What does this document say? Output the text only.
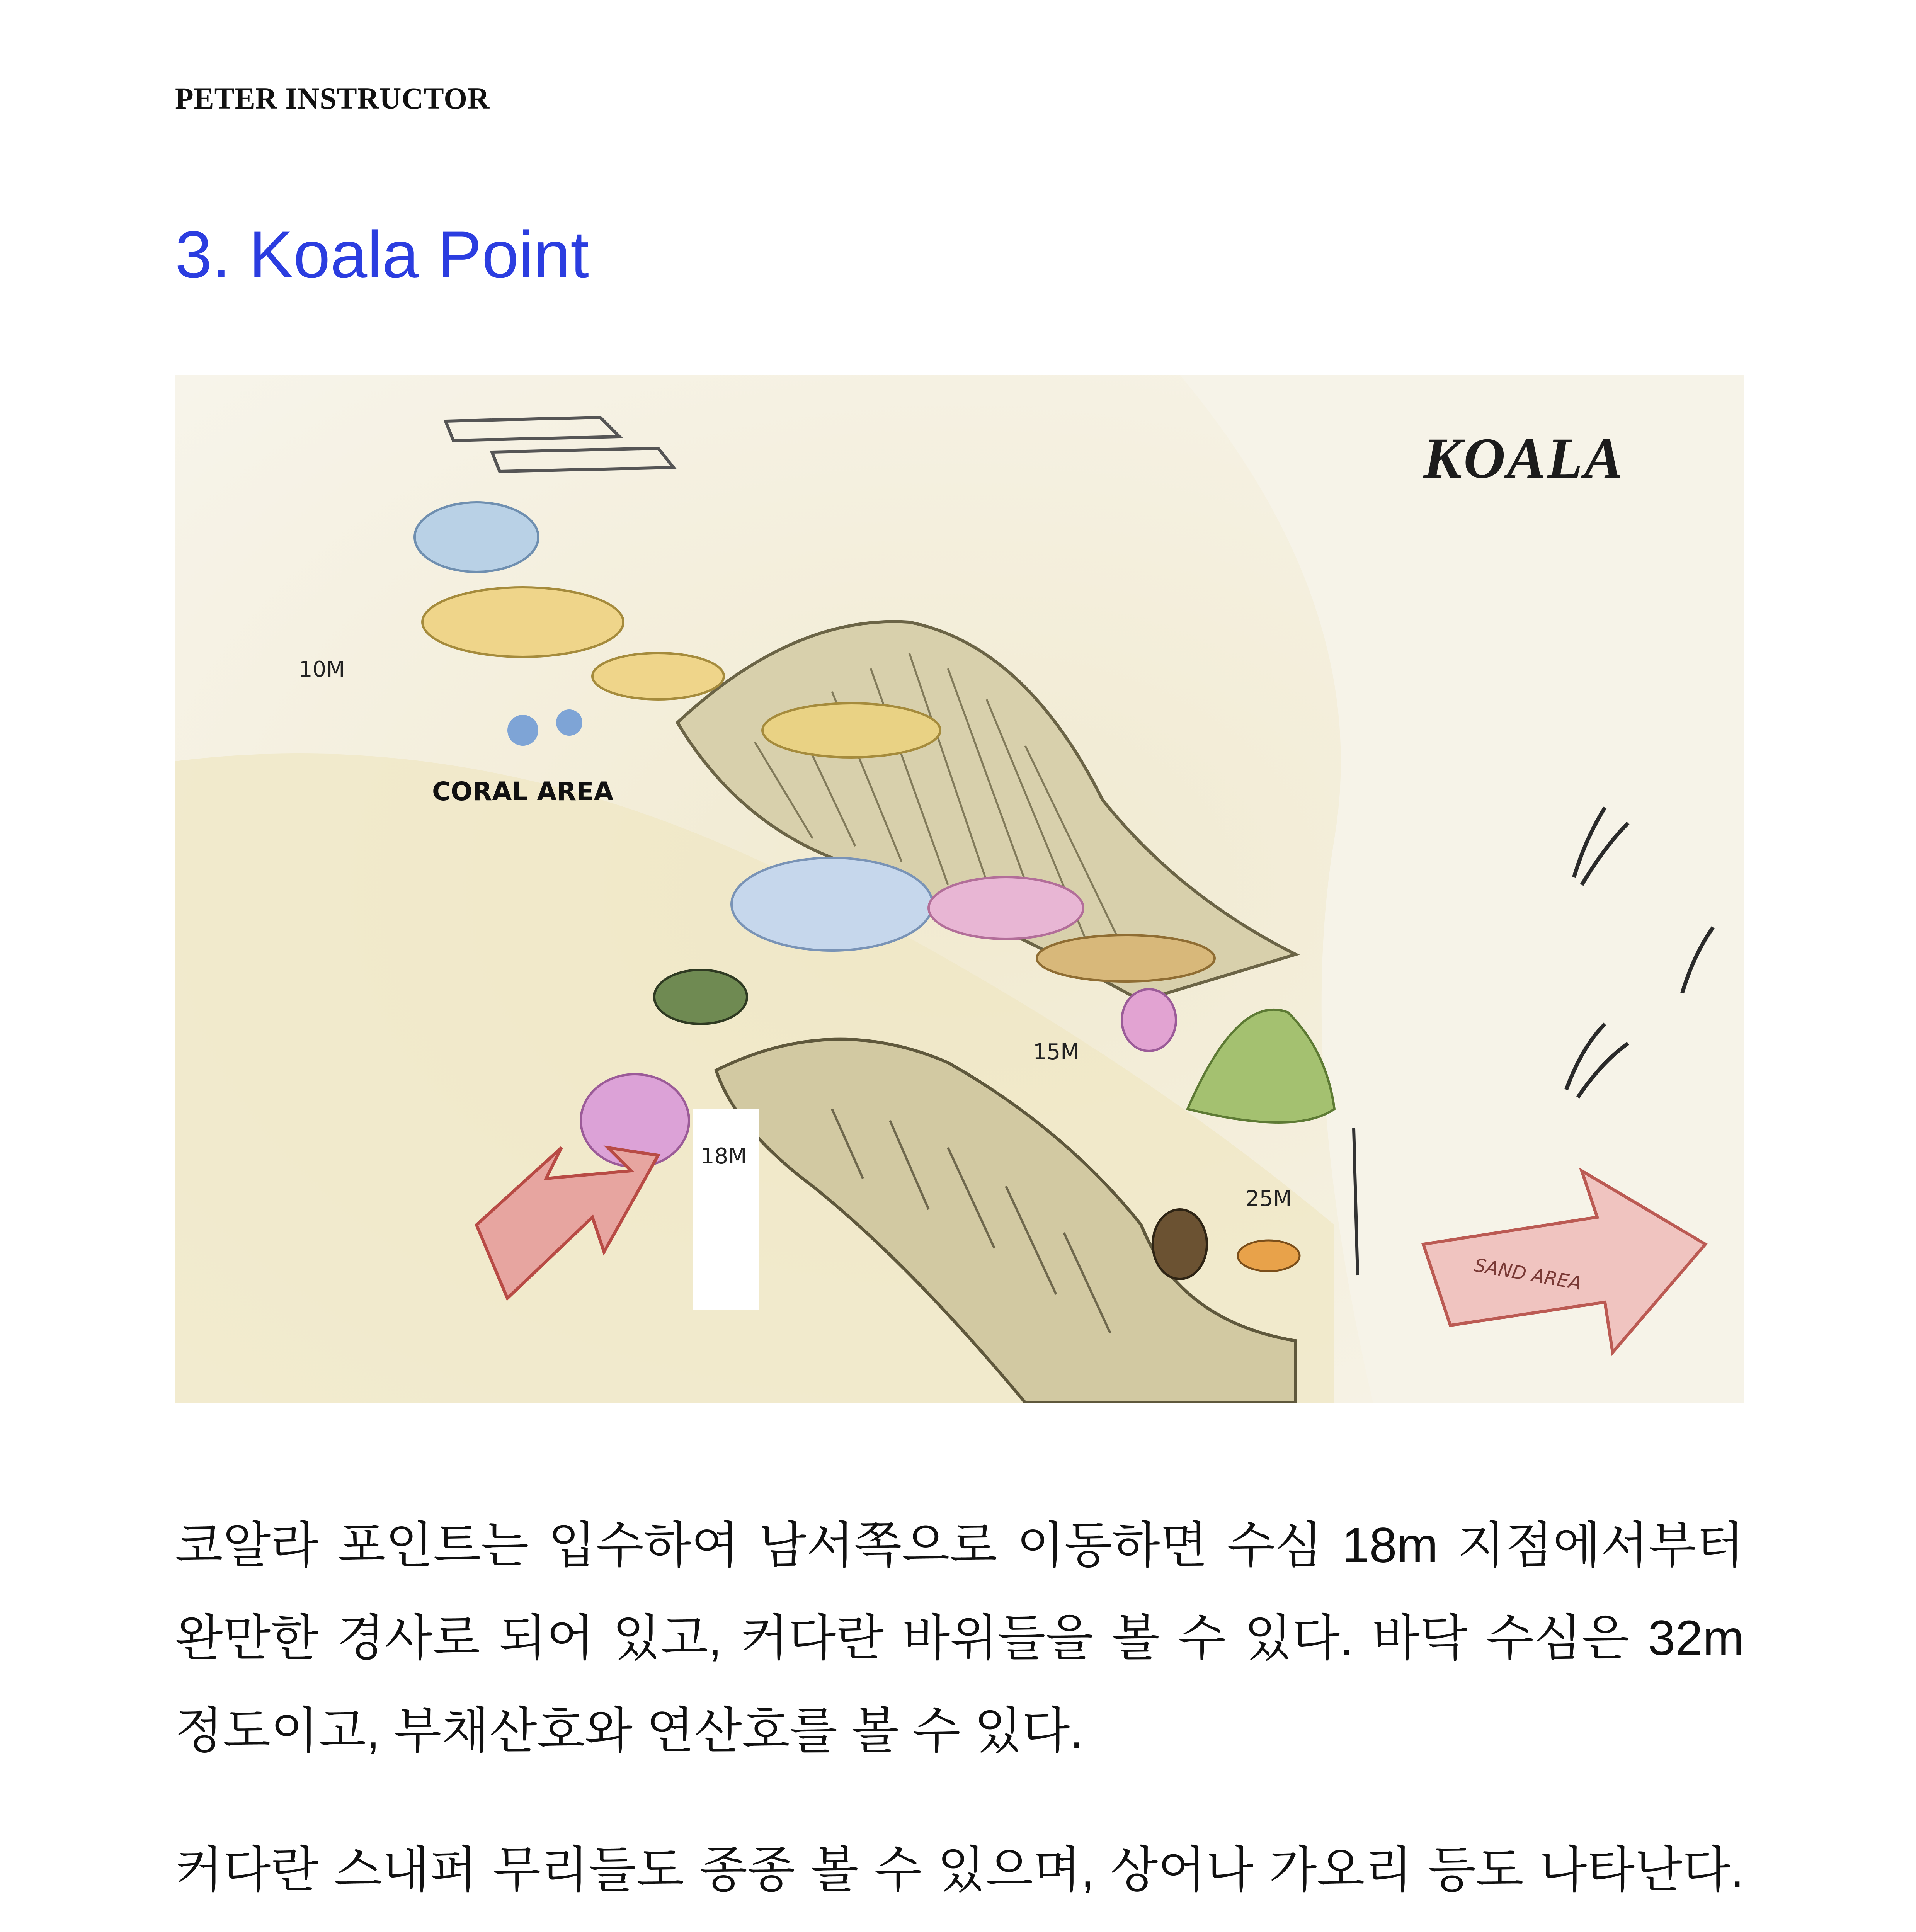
PETER INSTRUCTOR
3. Koala Point
KOALA
10M
CORAL AREA
15M
18M
25M
SAND AREA

코알라 포인트는 입수하여 남서쪽으로 이동하면 수심 18m 지점에서부터 완만한 경사로 되어 있고, 커다란 바위들을 볼 수 있다. 바닥 수심은 32m 정도이고, 부채산호와 연산호를 볼 수 있다.

커다란 스내퍼 무리들도 종종 볼 수 있으며, 상어나 가오리 등도 나타난다.
